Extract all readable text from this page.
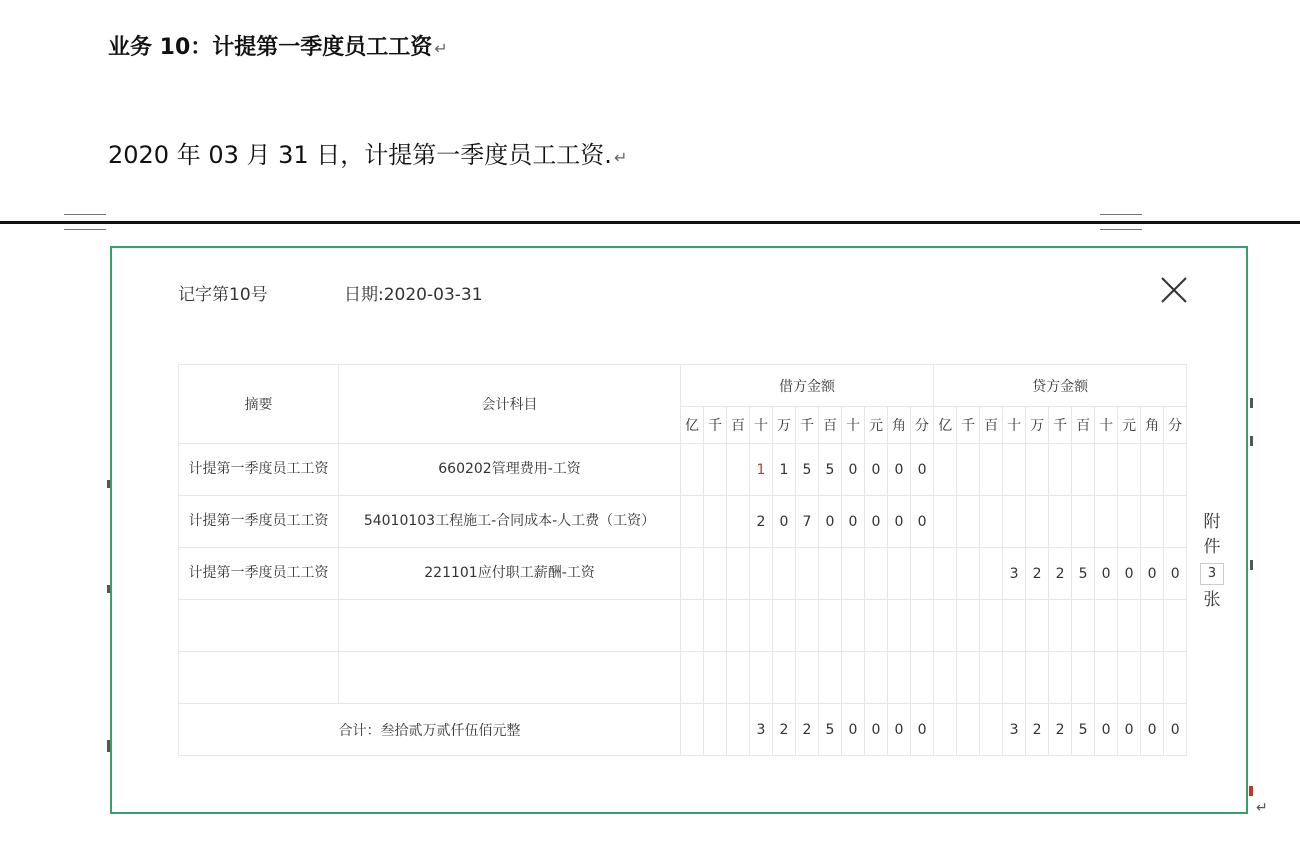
业务 10：计提第一季度员工工资 ↵
2020 年 03 月 31 日，计提第一季度员工工资. ↵
记字第10号	日期:2020-03-31
摘要	会计科目	借方金额											贷方金额										
		亿	千	百	十	万	千	百	十	元	角	分	亿	千	百	十	万	千	百	十	元	角	分
计提第一季度员工工资	660202管理费用-工资				1	1	5	5	0	0	0	0											
计提第一季度员工工资	54010103工程施工-合同成本-人工费（工资）				2	0	7	0	0	0	0	0											
计提第一季度员工工资	221101应付职工薪酬-工资															3	2	2	5	0	0	0	0

合计：叁拾贰万贰仟伍佰元整					3	2	2	5	0	0	0	0				3	2	2	5	0	0	0	0
附件
3
张
↵
